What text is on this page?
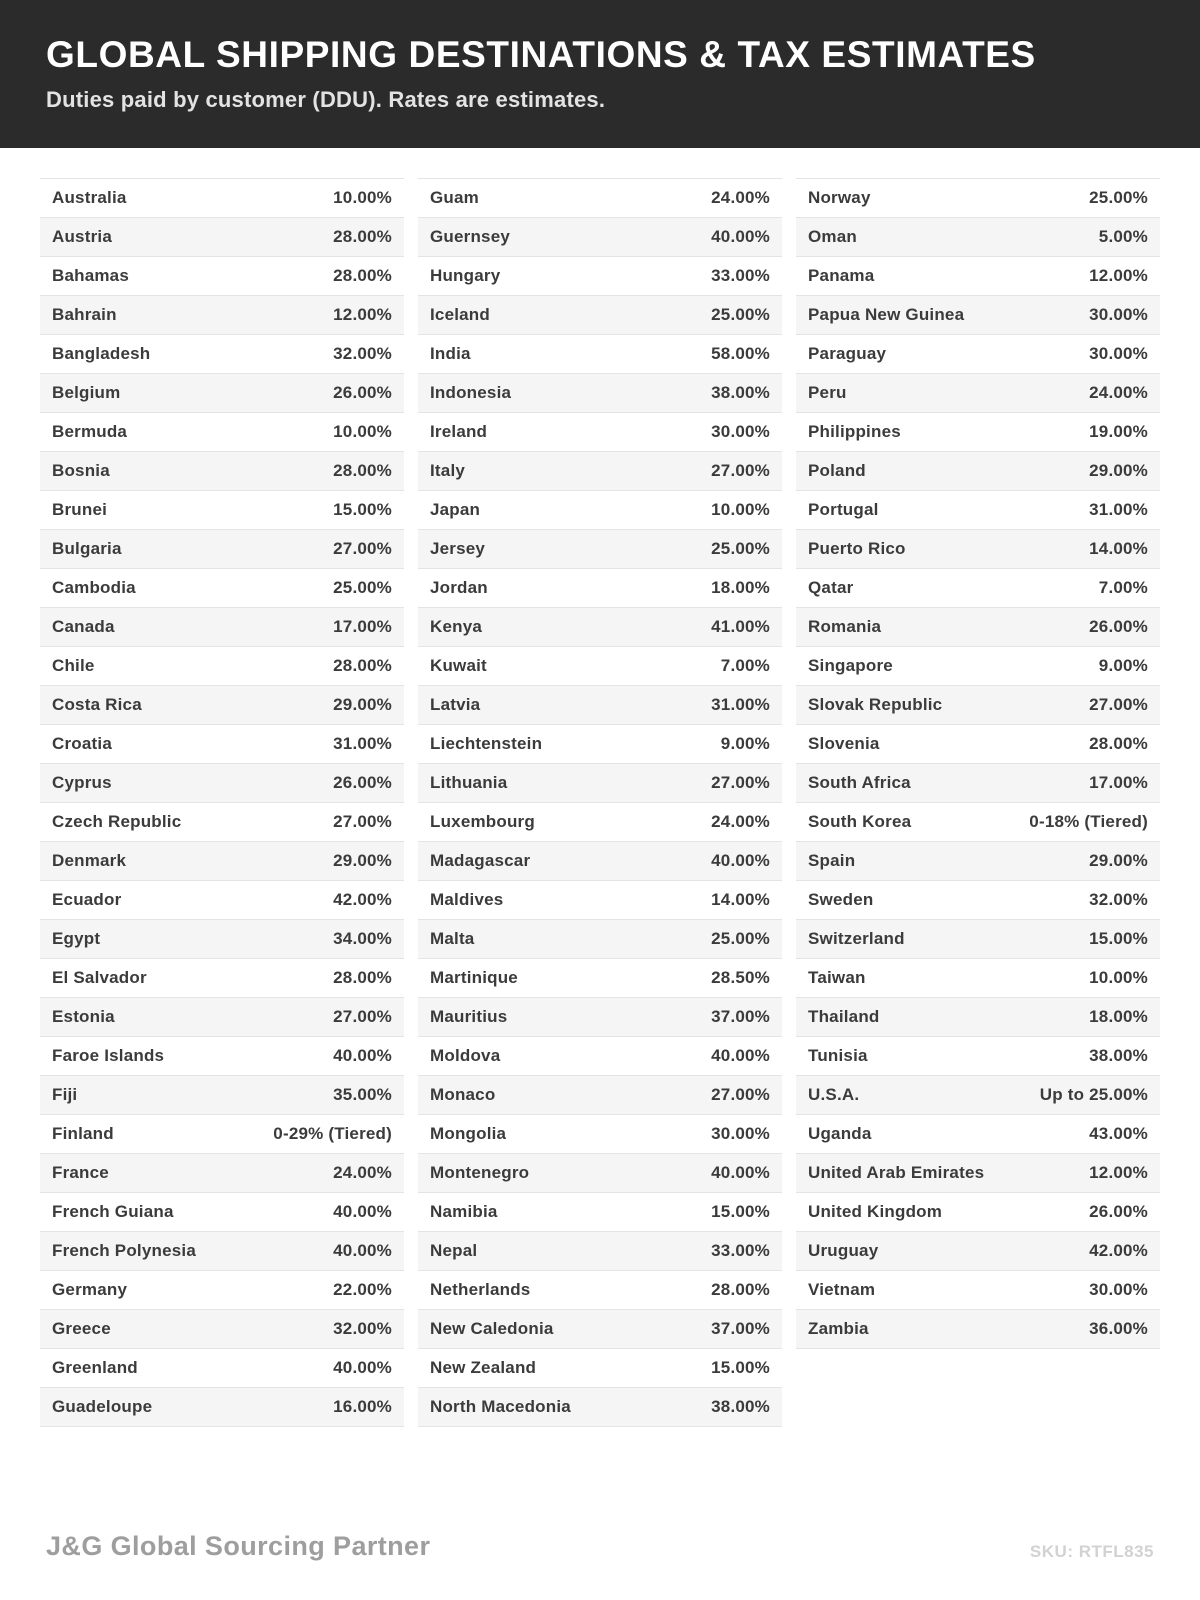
GLOBAL SHIPPING DESTINATIONS & TAX ESTIMATES
Duties paid by customer (DDU). Rates are estimates.
Australia	10.00%
Austria	28.00%
Bahamas	28.00%
Bahrain	12.00%
Bangladesh	32.00%
Belgium	26.00%
Bermuda	10.00%
Bosnia	28.00%
Brunei	15.00%
Bulgaria	27.00%
Cambodia	25.00%
Canada	17.00%
Chile	28.00%
Costa Rica	29.00%
Croatia	31.00%
Cyprus	26.00%
Czech Republic	27.00%
Denmark	29.00%
Ecuador	42.00%
Egypt	34.00%
El Salvador	28.00%
Estonia	27.00%
Faroe Islands	40.00%
Fiji	35.00%
Finland	0-29% (Tiered)
France	24.00%
French Guiana	40.00%
French Polynesia	40.00%
Germany	22.00%
Greece	32.00%
Greenland	40.00%
Guadeloupe	16.00%
Guam	24.00%
Guernsey	40.00%
Hungary	33.00%
Iceland	25.00%
India	58.00%
Indonesia	38.00%
Ireland	30.00%
Italy	27.00%
Japan	10.00%
Jersey	25.00%
Jordan	18.00%
Kenya	41.00%
Kuwait	7.00%
Latvia	31.00%
Liechtenstein	9.00%
Lithuania	27.00%
Luxembourg	24.00%
Madagascar	40.00%
Maldives	14.00%
Malta	25.00%
Martinique	28.50%
Mauritius	37.00%
Moldova	40.00%
Monaco	27.00%
Mongolia	30.00%
Montenegro	40.00%
Namibia	15.00%
Nepal	33.00%
Netherlands	28.00%
New Caledonia	37.00%
New Zealand	15.00%
North Macedonia	38.00%
Norway	25.00%
Oman	5.00%
Panama	12.00%
Papua New Guinea	30.00%
Paraguay	30.00%
Peru	24.00%
Philippines	19.00%
Poland	29.00%
Portugal	31.00%
Puerto Rico	14.00%
Qatar	7.00%
Romania	26.00%
Singapore	9.00%
Slovak Republic	27.00%
Slovenia	28.00%
South Africa	17.00%
South Korea	0-18% (Tiered)
Spain	29.00%
Sweden	32.00%
Switzerland	15.00%
Taiwan	10.00%
Thailand	18.00%
Tunisia	38.00%
U.S.A.	Up to 25.00%
Uganda	43.00%
United Arab Emirates	12.00%
United Kingdom	26.00%
Uruguay	42.00%
Vietnam	30.00%
Zambia	36.00%
J&G Global Sourcing Partner	SKU: RTFL835
